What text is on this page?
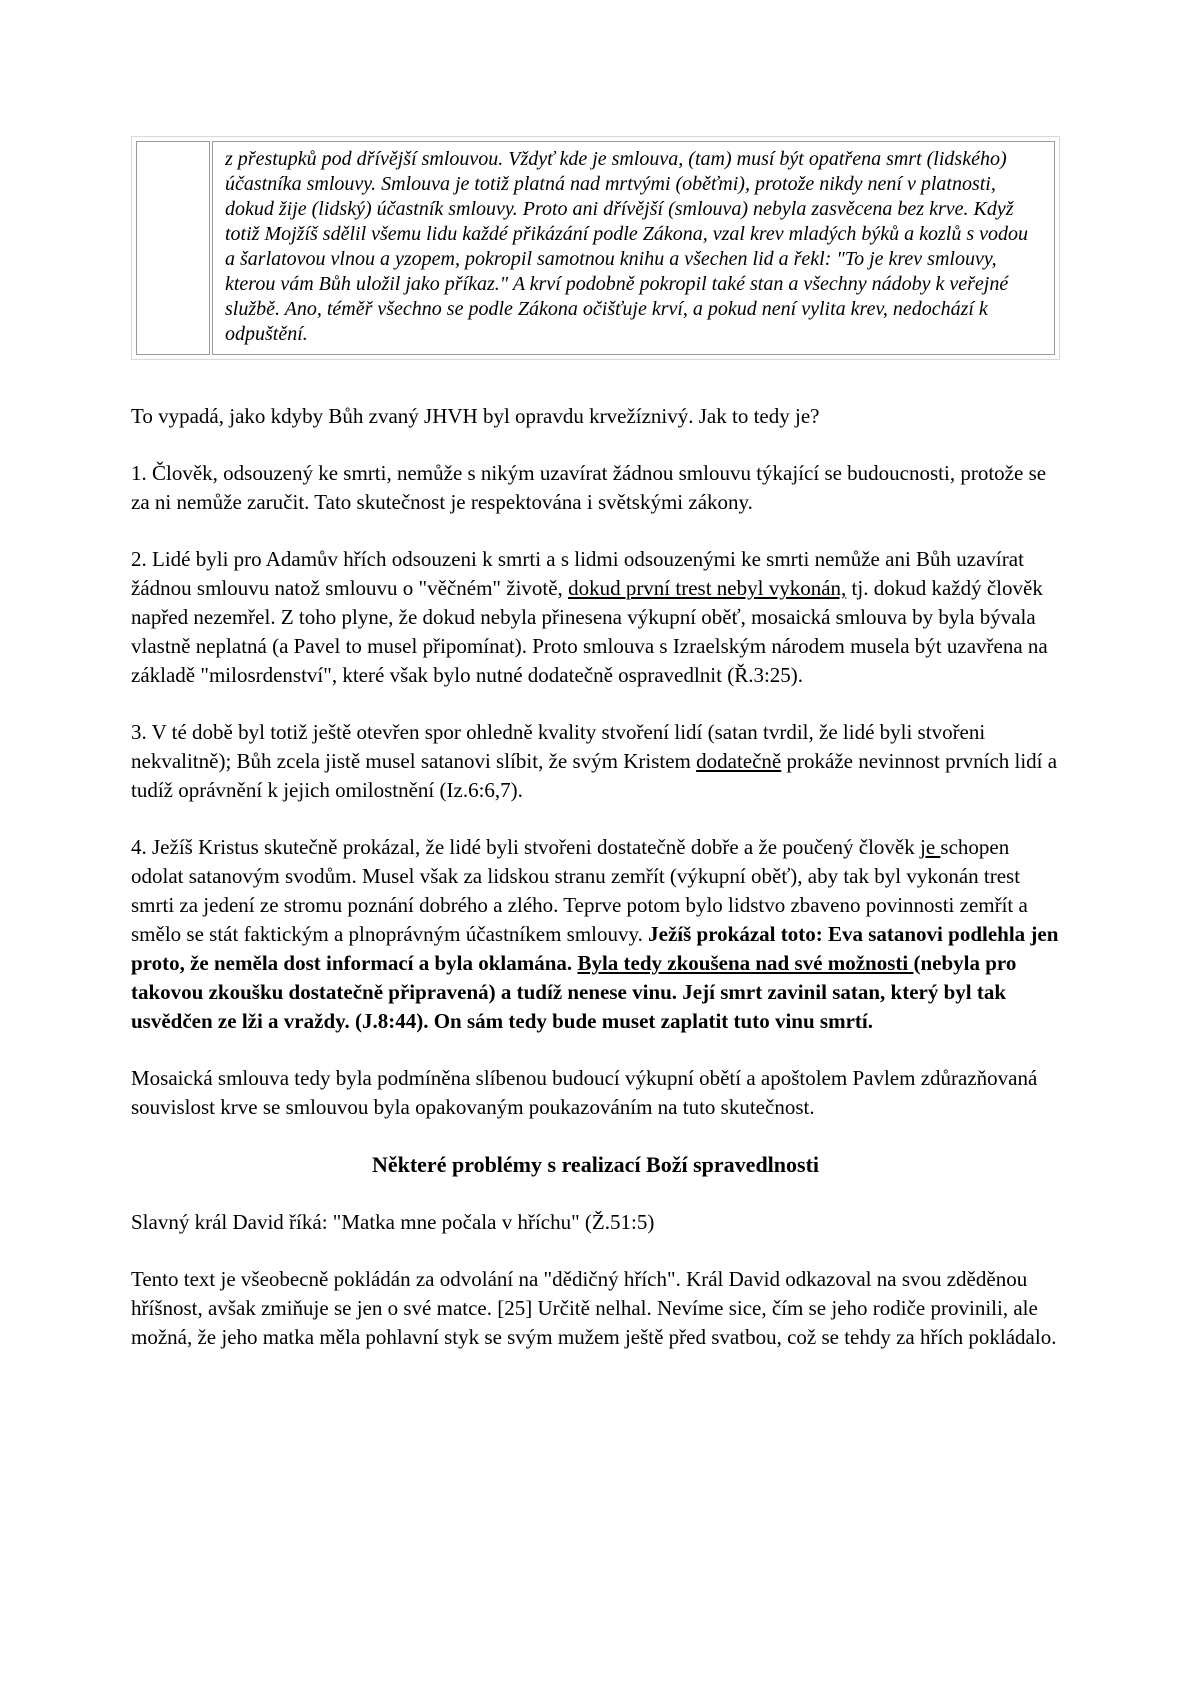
z přestupků pod dřívější smlouvou. Vždyť kde je smlouva, (tam) musí být opatřena smrt (lidského) účastníka smlouvy. Smlouva je totiž platná nad mrtvými (oběťmi), protože nikdy není v platnosti, dokud žije (lidský) účastník smlouvy. Proto ani dřívější (smlouva) nebyla zasvěcena bez krve. Když totiž Mojžíš sdělil všemu lidu každé přikázání podle Zákona, vzal krev mladých býků a kozlů s vodou a šarlatovou vlnou a yzopem, pokropil samotnou knihu a všechen lid a řekl: "To je krev smlouvy, kterou vám Bůh uložil jako příkaz." A krví podobně pokropil také stan a všechny nádoby k veřejné službě. Ano, téměř všechno se podle Zákona očišťuje krví, a pokud není vylita krev, nedochází k odpuštění.

To vypadá, jako kdyby Bůh zvaný JHVH byl opravdu krvežíznivý. Jak to tedy je?

1. Člověk, odsouzený ke smrti, nemůže s nikým uzavírat žádnou smlouvu týkající se budoucnosti, protože se za ni nemůže zaručit. Tato skutečnost je respektována i světskými zákony.

2. Lidé byli pro Adamův hřích odsouzeni k smrti a s lidmi odsouzenými ke smrti nemůže ani Bůh uzavírat žádnou smlouvu natož smlouvu o "věčném" životě, dokud první trest nebyl vykonán, tj. dokud každý člověk napřed nezemřel. Z toho plyne, že dokud nebyla přinesena výkupní oběť, mosaická smlouva by byla bývala vlastně neplatná (a Pavel to musel připomínat). Proto smlouva s Izraelským národem musela být uzavřena na základě "milosrdenství", které však bylo nutné dodatečně ospravedlnit (Ř.3:25).

3. V té době byl totiž ještě otevřen spor ohledně kvality stvoření lidí (satan tvrdil, že lidé byli stvořeni nekvalitně); Bůh zcela jistě musel satanovi slíbit, že svým Kristem dodatečně prokáže nevinnost prvních lidí a tudíž oprávnění k jejich omilostnění (Iz.6:6,7).

4. Ježíš Kristus skutečně prokázal, že lidé byli stvořeni dostatečně dobře a že poučený člověk je schopen odolat satanovým svodům. Musel však za lidskou stranu zemřít (výkupní oběť), aby tak byl vykonán trest smrti za jedení ze stromu poznání dobrého a zlého. Teprve potom bylo lidstvo zbaveno povinnosti zemřít a smělo se stát faktickým a plnoprávným účastníkem smlouvy. Ježíš prokázal toto: Eva satanovi podlehla jen proto, že neměla dost informací a byla oklamána. Byla tedy zkoušena nad své možnosti (nebyla pro takovou zkoušku dostatečně připravená) a tudíž nenese vinu. Její smrt zavinil satan, který byl tak usvědčen ze lži a vraždy. (J.8:44). On sám tedy bude muset zaplatit tuto vinu smrtí.

Mosaická smlouva tedy byla podmíněna slíbenou budoucí výkupní obětí a apoštolem Pavlem zdůrazňovaná souvislost krve se smlouvou byla opakovaným poukazováním na tuto skutečnost.

Některé problémy s realizací Boží spravedlnosti

Slavný král David říká: "Matka mne počala v hříchu" (Ž.51:5)

Tento text je všeobecně pokládán za odvolání na "dědičný hřích". Král David odkazoval na svou zděděnou hříšnost, avšak zmiňuje se jen o své matce. [25] Určitě nelhal. Nevíme sice, čím se jeho rodiče provinili, ale možná, že jeho matka měla pohlavní styk se svým mužem ještě před svatbou, což se tehdy za hřích pokládalo.
